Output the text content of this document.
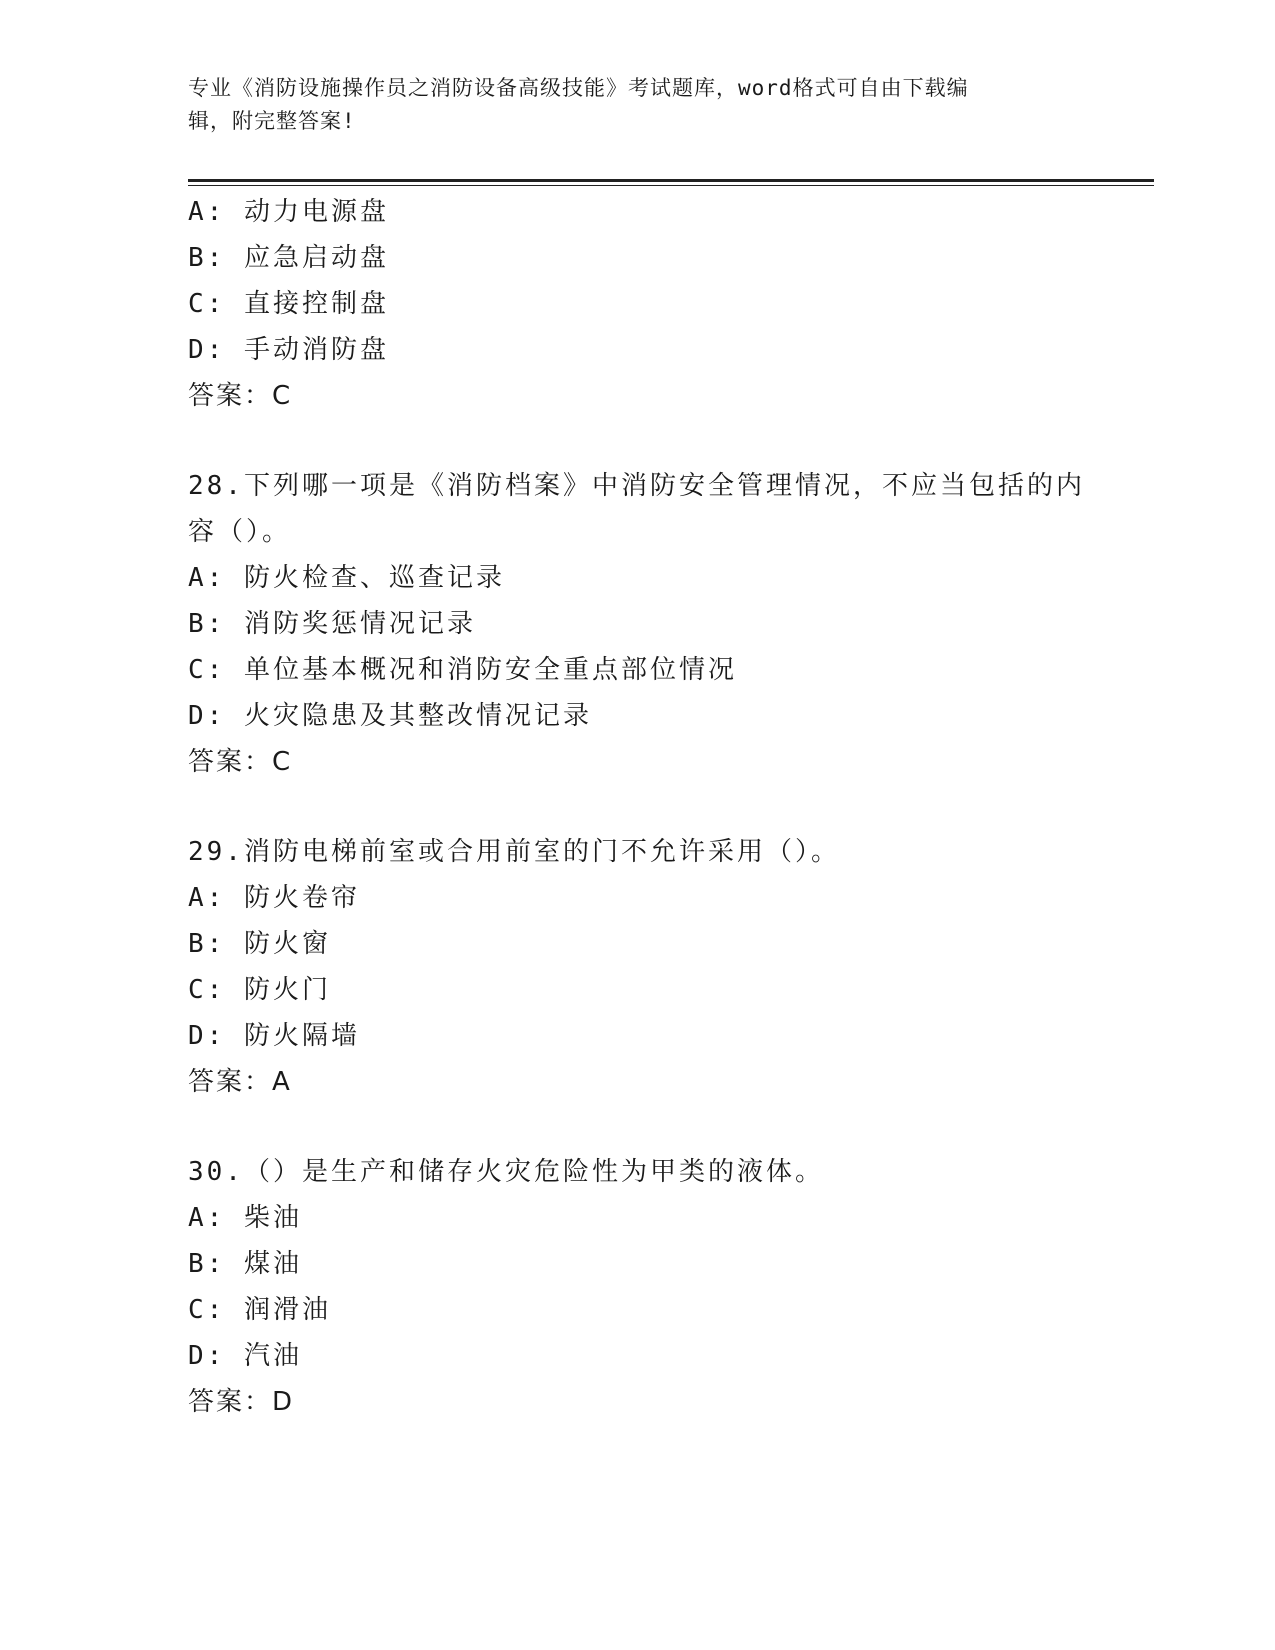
专业《消防设施操作员之消防设备高级技能》考试题库，word格式可自由下载编
辑，附完整答案!
A: 动力电源盘
B: 应急启动盘
C: 直接控制盘
D: 手动消防盘
答案：C
28.下列哪一项是《消防档案》中消防安全管理情况，不应当包括的内
容（）。
A: 防火检查、巡查记录
B: 消防奖惩情况记录
C: 单位基本概况和消防安全重点部位情况
D: 火灾隐患及其整改情况记录
答案：C
29.消防电梯前室或合用前室的门不允许采用（）。
A: 防火卷帘
B: 防火窗
C: 防火门
D: 防火隔墙
答案：A
30.（）是生产和储存火灾危险性为甲类的液体。
A: 柴油
B: 煤油
C: 润滑油
D: 汽油
答案：D
